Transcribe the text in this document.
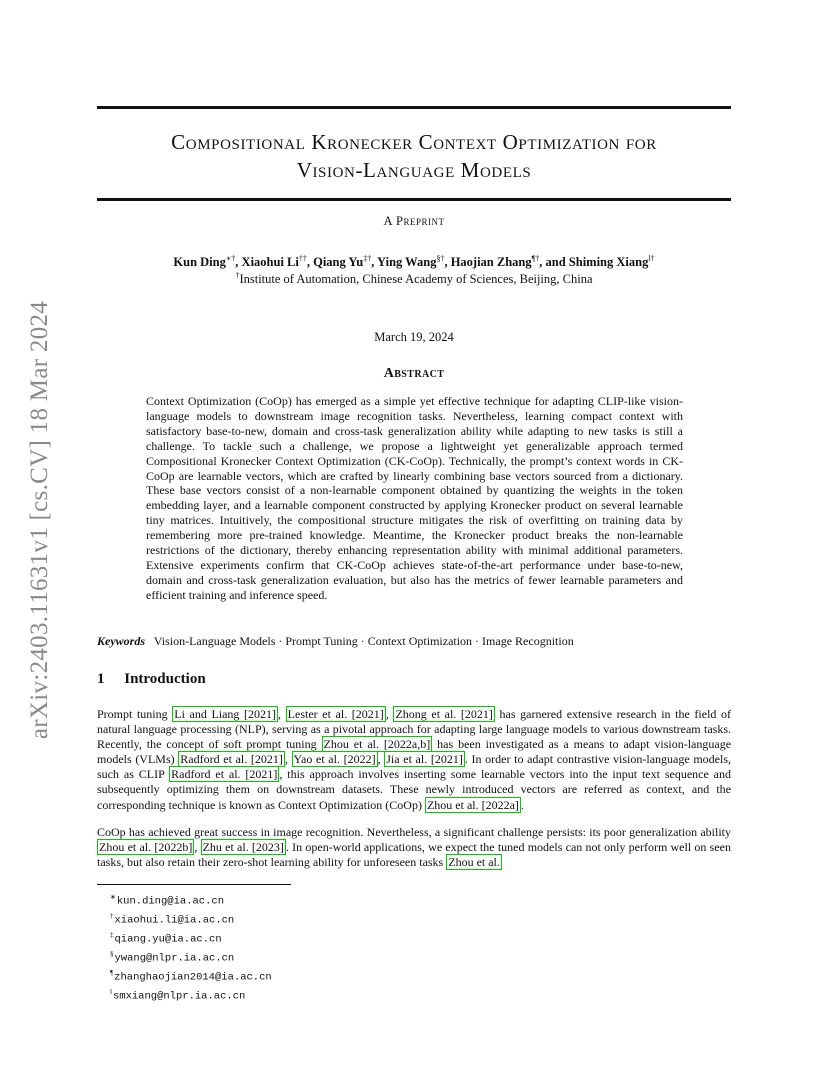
arXiv:2403.11631v1 [cs.CV] 18 Mar 2024
Compositional Kronecker Context Optimization for
Vision-Language Models
A Preprint
Kun Ding∗†, Xiaohui Li††, Qiang Yu‡†, Ying Wang§†, Haojian Zhang¶†, and Shiming Xiang‖†
†Institute of Automation, Chinese Academy of Sciences, Beijing, China
March 19, 2024
Abstract
Context Optimization (CoOp) has emerged as a simple yet effective technique for adapting CLIP-like vision-language models to downstream image recognition tasks. Nevertheless, learning compact context with satisfactory base-to-new, domain and cross-task generalization ability while adapting to new tasks is still a challenge. To tackle such a challenge, we propose a lightweight yet generalizable approach termed Compositional Kronecker Context Optimization (CK-CoOp). Technically, the prompt’s context words in CK-CoOp are learnable vectors, which are crafted by linearly combining base vectors sourced from a dictionary. These base vectors consist of a non-learnable component obtained by quantizing the weights in the token embedding layer, and a learnable component constructed by applying Kronecker product on several learnable tiny matrices. Intuitively, the compositional structure mitigates the risk of overfitting on training data by remembering more pre-trained knowledge. Meantime, the Kronecker product breaks the non-learnable restrictions of the dictionary, thereby enhancing representation ability with minimal additional parameters. Extensive experiments confirm that CK-CoOp achieves state-of-the-art performance under base-to-new, domain and cross-task generalization evaluation, but also has the metrics of fewer learnable parameters and efficient training and inference speed.
Keywords Vision-Language Models · Prompt Tuning · Context Optimization · Image Recognition
1 Introduction
Prompt tuning Li and Liang [2021] , Lester et al. [2021] , Zhong et al. [2021] has garnered extensive research in the field of natural language processing (NLP), serving as a pivotal approach for adapting large language models to various downstream tasks. Recently, the concept of soft prompt tuning Zhou et al. [2022a,b] has been investigated as a means to adapt vision-language models (VLMs) Radford et al. [2021] , Yao et al. [2022] , Jia et al. [2021] . In order to adapt contrastive vision-language models, such as CLIP Radford et al. [2021] , this approach involves inserting some learnable vectors into the input text sequence and subsequently optimizing them on downstream datasets. These newly introduced vectors are referred as context, and the corresponding technique is known as Context Optimization (CoOp) Zhou et al. [2022a] .
CoOp has achieved great success in image recognition. Nevertheless, a significant challenge persists: its poor generalization ability Zhou et al. [2022b] , Zhu et al. [2023] . In open-world applications, we expect the tuned models can not only perform well on seen tasks, but also retain their zero-shot learning ability for unforeseen tasks Zhou et al.
∗kun.ding@ia.ac.cn
†xiaohui.li@ia.ac.cn
‡qiang.yu@ia.ac.cn
§ywang@nlpr.ia.ac.cn
¶zhanghaojian2014@ia.ac.cn
‖smxiang@nlpr.ia.ac.cn
